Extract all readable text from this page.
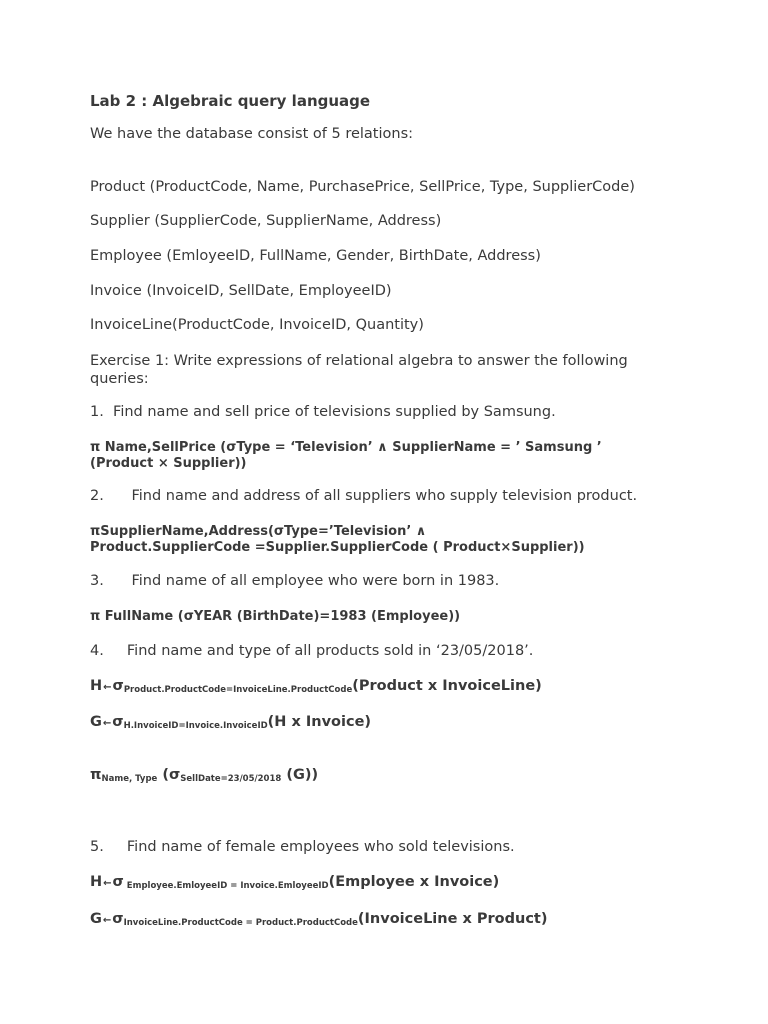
Lab 2 : Algebraic query language
We have the database consist of 5 relations:
Product (ProductCode, Name, PurchasePrice, SellPrice, Type, SupplierCode)
Supplier (SupplierCode, SupplierName, Address)
Employee (EmloyeeID, FullName, Gender, BirthDate, Address)
Invoice (InvoiceID, SellDate, EmployeeID)
InvoiceLine(ProductCode, InvoiceID, Quantity)
Exercise 1: Write expressions of relational algebra to answer the following queries:
1.  Find name and sell price of televisions supplied by Samsung.
π Name,SellPrice (σType = ‘Television’ ∧ SupplierName = ’ Samsung ’ (Product × Supplier))
2.      Find name and address of all suppliers who supply television product.
πSupplierName,Address(σType=’Television’ ∧ Product.SupplierCode =Supplier.SupplierCode ( Product×Supplier))
3.      Find name of all employee who were born in 1983.
π FullName (σYEAR (BirthDate)=1983 (Employee))
4.     Find name and type of all products sold in ‘23/05/2018’.
$H\leftarrow\sigma_{Product.ProductCode=InvoiceLine.ProductCode}(Product$ x InvoiceLine)
$G\leftarrow\sigma_{H.InvoiceID=Invoice.InvoiceID}(H$ x Invoice)
$\pi_{Name, Type}$ ($\sigma_{SellDate=23/05/2018}$ (G))
5.     Find name of female employees who sold televisions.
H←σ $_{Employee.EmloyeeID = Invoice.EmloyeeID}$(Employee x Invoice)
$G\leftarrow\sigma_{InvoiceLine.ProductCode = Product.ProductCode}(InvoiceLine$ x Product)
